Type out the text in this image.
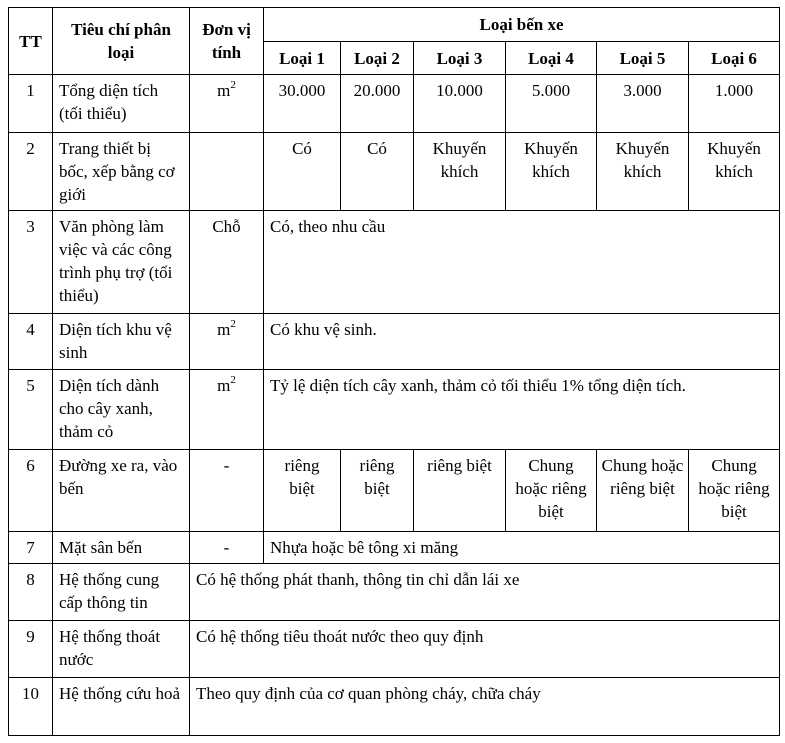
TT	Tiêu chí phân loại	Đơn vị tính	Loại bến xe					
			Loại 1	Loại 2	Loại 3	Loại 4	Loại 5	Loại 6
1	Tổng diện tích (tối thiểu)	$m^2$	30.000	20.000	10.000	5.000	3.000	1.000
2	Trang thiết bị bốc, xếp bằng cơ giới		Có	Có	Khuyến khích	Khuyến khích	Khuyến khích	Khuyến khích
3	Văn phòng làm việc và các công trình phụ trợ (tối thiểu)	Chỗ	Có, theo nhu cầu					
4	Diện tích khu vệ sinh	$m^2$	Có khu vệ sinh.					
5	Diện tích dành cho cây xanh, thảm cỏ	$m^2$	Tỷ lệ diện tích cây xanh, thảm cỏ tối thiểu 1% tổng diện tích.					
6	Đường xe ra, vào bến	-	riêng biệt	riêng biệt	riêng biệt	Chung hoặc riêng biệt	Chung hoặc riêng biệt	Chung hoặc riêng biệt
7	Mặt sân bến	-	Nhựa hoặc bê tông xi măng					
8	Hệ thống cung cấp thông tin	Có hệ thống phát thanh, thông tin chỉ dẫn lái xe						
9	Hệ thống thoát nước	Có hệ thống tiêu thoát nước theo quy định						
10	Hệ thống cứu hoả	Theo quy định của cơ quan phòng cháy, chữa cháy						
